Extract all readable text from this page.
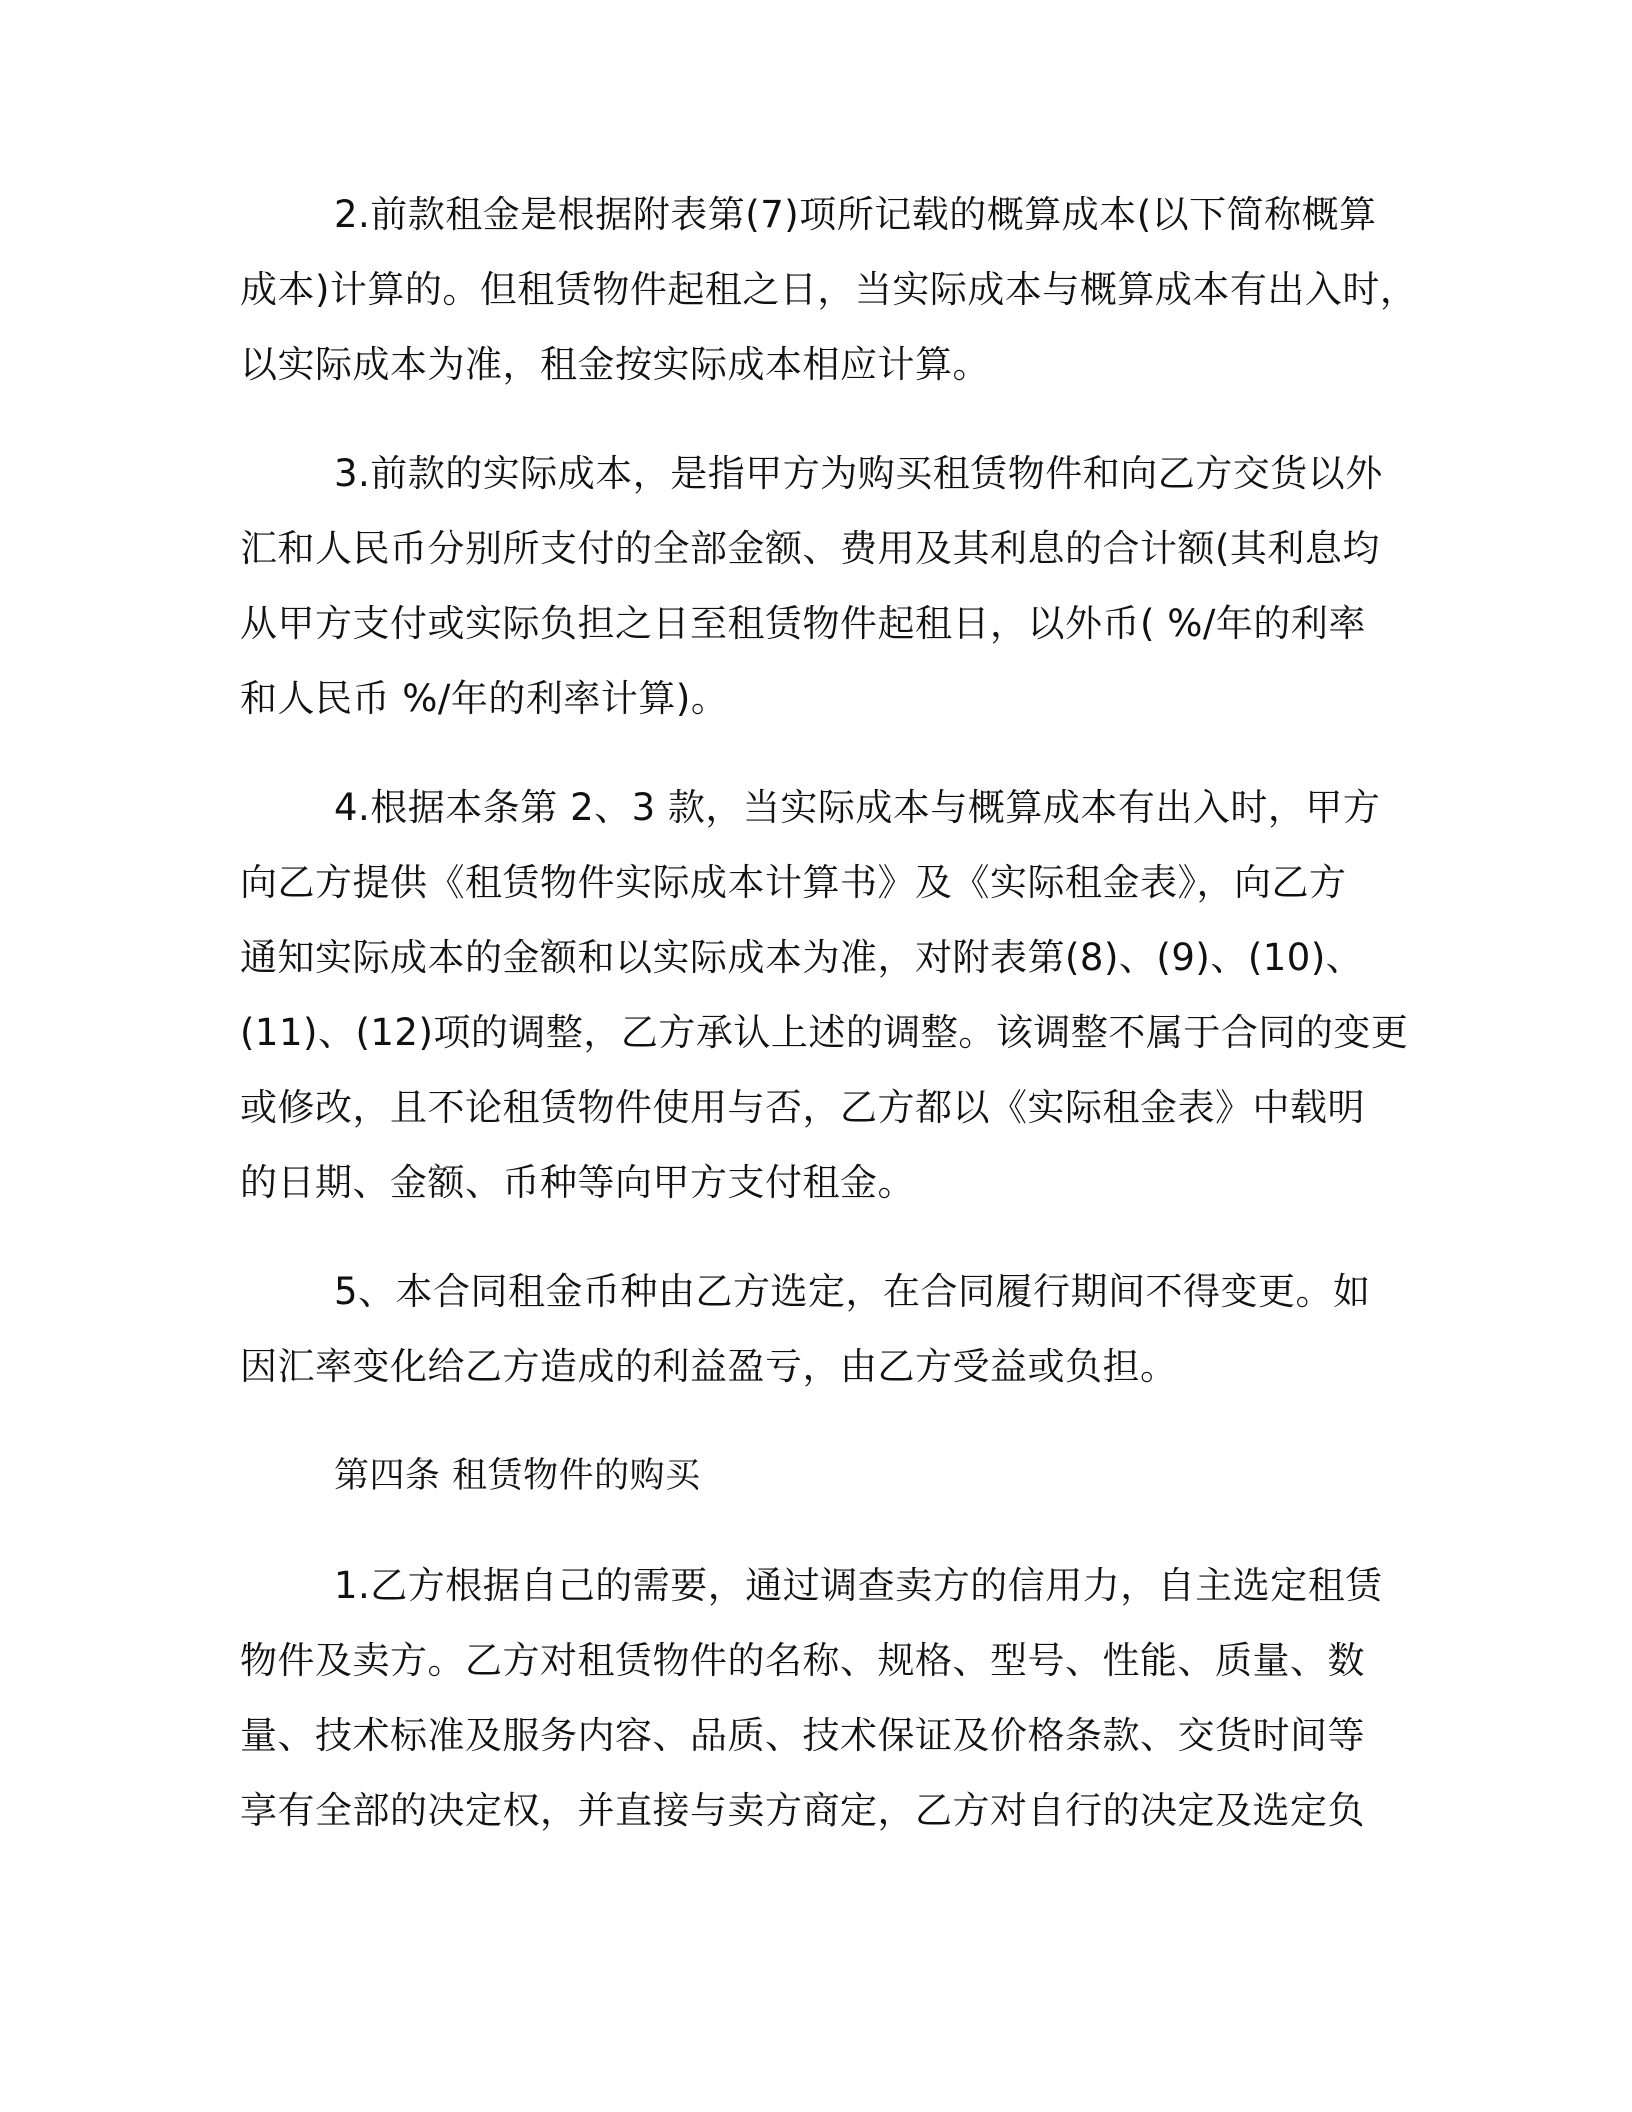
2.前款租金是根据附表第(7)项所记载的概算成本(以下简称概算
成本)计算的。但租赁物件起租之日，当实际成本与概算成本有出入时，
以实际成本为准，租金按实际成本相应计算。
3.前款的实际成本，是指甲方为购买租赁物件和向乙方交货以外
汇和人民币分别所支付的全部金额、费用及其利息的合计额(其利息均
从甲方支付或实际负担之日至租赁物件起租日，以外币( %/年的利率
和人民币 %/年的利率计算)。
4.根据本条第 2、3 款，当实际成本与概算成本有出入时，甲方
向乙方提供《租赁物件实际成本计算书》及《实际租金表》，向乙方
通知实际成本的金额和以实际成本为准，对附表第(8)、(9)、(10)、
(11)、(12)项的调整，乙方承认上述的调整。该调整不属于合同的变更
或修改，且不论租赁物件使用与否，乙方都以《实际租金表》中载明
的日期、金额、币种等向甲方支付租金。
5、本合同租金币种由乙方选定，在合同履行期间不得变更。如
因汇率变化给乙方造成的利益盈亏，由乙方受益或负担。
第四条 租赁物件的购买
1.乙方根据自己的需要，通过调查卖方的信用力，自主选定租赁
物件及卖方。乙方对租赁物件的名称、规格、型号、性能、质量、数
量、技术标准及服务内容、品质、技术保证及价格条款、交货时间等
享有全部的决定权，并直接与卖方商定，乙方对自行的决定及选定负
